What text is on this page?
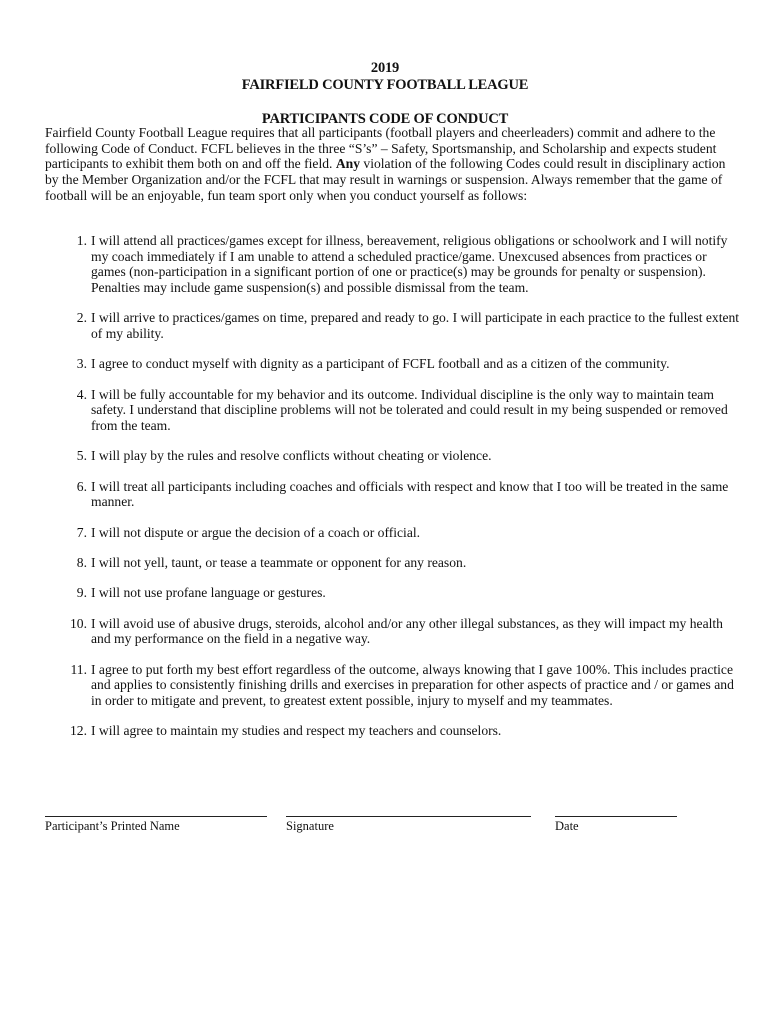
2019
FAIRFIELD COUNTY FOOTBALL LEAGUE
PARTICIPANTS CODE OF CONDUCT
Fairfield County Football League requires that all participants (football players and cheerleaders) commit and adhere to the following Code of Conduct. FCFL believes in the three “S’s” – Safety, Sportsmanship, and Scholarship and expects student participants to exhibit them both on and off the field. Any violation of the following Codes could result in disciplinary action by the Member Organization and/or the FCFL that may result in warnings or suspension. Always remember that the game of football will be an enjoyable, fun team sport only when you conduct yourself as follows:
1. I will attend all practices/games except for illness, bereavement, religious obligations or schoolwork and I will notify my coach immediately if I am unable to attend a scheduled practice/game. Unexcused absences from practices or games (non-participation in a significant portion of one or practice(s) may be grounds for penalty or suspension). Penalties may include game suspension(s) and possible dismissal from the team.
2. I will arrive to practices/games on time, prepared and ready to go. I will participate in each practice to the fullest extent of my ability.
3. I agree to conduct myself with dignity as a participant of FCFL football and as a citizen of the community.
4. I will be fully accountable for my behavior and its outcome. Individual discipline is the only way to maintain team safety. I understand that discipline problems will not be tolerated and could result in my being suspended or removed from the team.
5. I will play by the rules and resolve conflicts without cheating or violence.
6. I will treat all participants including coaches and officials with respect and know that I too will be treated in the same manner.
7. I will not dispute or argue the decision of a coach or official.
8. I will not yell, taunt, or tease a teammate or opponent for any reason.
9. I will not use profane language or gestures.
10. I will avoid use of abusive drugs, steroids, alcohol and/or any other illegal substances, as they will impact my health and my performance on the field in a negative way.
11. I agree to put forth my best effort regardless of the outcome, always knowing that I gave 100%. This includes practice and applies to consistently finishing drills and exercises in preparation for other aspects of practice and / or games and in order to mitigate and prevent, to greatest extent possible, injury to myself and my teammates.
12. I will agree to maintain my studies and respect my teachers and counselors.
Participant’s Printed Name	Signature	Date
